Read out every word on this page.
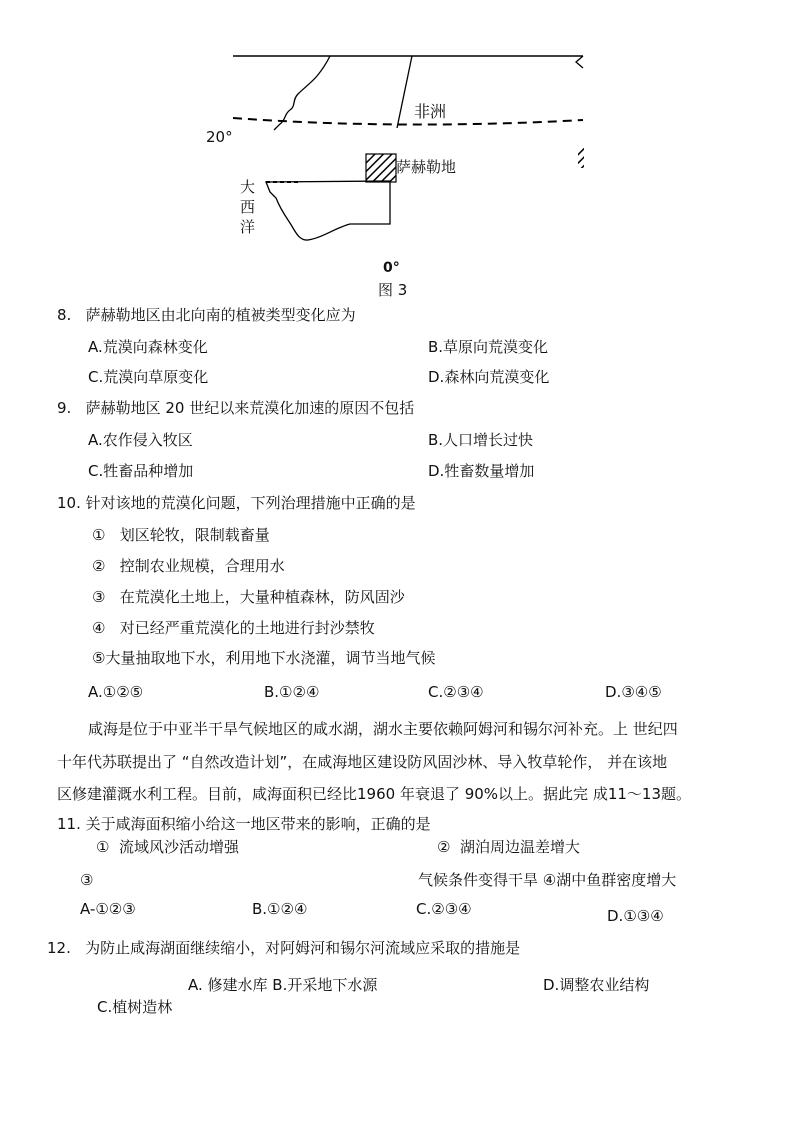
非洲
20°
萨赫勒地
大
西
洋
0°
图 3
8.   萨赫勒地区由北向南的植被类型变化应为
A.荒漠向森林变化	B.草原向荒漠变化
C.荒漠向草原变化	D.森林向荒漠变化
9.   萨赫勒地区 20 世纪以来荒漠化加速的原因不包括
A.农作侵入牧区	B.人口增长过快
C.牲畜品种增加	D.牲畜数量增加
10. 针对该地的荒漠化问题，下列治理措施中正确的是
①   划区轮牧，限制载畜量
②   控制农业规模，合理用水
③   在荒漠化土地上，大量种植森林，防风固沙
④   对已经严重荒漠化的土地进行封沙禁牧
⑤大量抽取地下水，利用地下水浇灌，调节当地气候
A.①②⑤	B.①②④	C.②③④	D.③④⑤
咸海是位于中亚半干旱气候地区的咸水湖，湖水主要依赖阿姆河和锡尔河补充。上 世纪四
十年代苏联提出了 “自然改造计划”，在咸海地区建设防风固沙林、导入牧草轮作， 并在该地
区修建灌溉水利工程。目前，咸海面积已经比1960 年衰退了 90%以上。据此完 成11～13题。
11. 关于咸海面积缩小给这一地区带来的影响，正确的是
①  流域风沙活动增强	②  湖泊周边温差增大
③	气候条件变得干旱 ④湖中鱼群密度增大
A-①②③	B.①②④	C.②③④	D.①③④
12.   为防止咸海湖面继续缩小，对阿姆河和锡尔河流域应采取的措施是
A. 修建水库 B.开采地下水源	D.调整农业结构
C.植树造林
